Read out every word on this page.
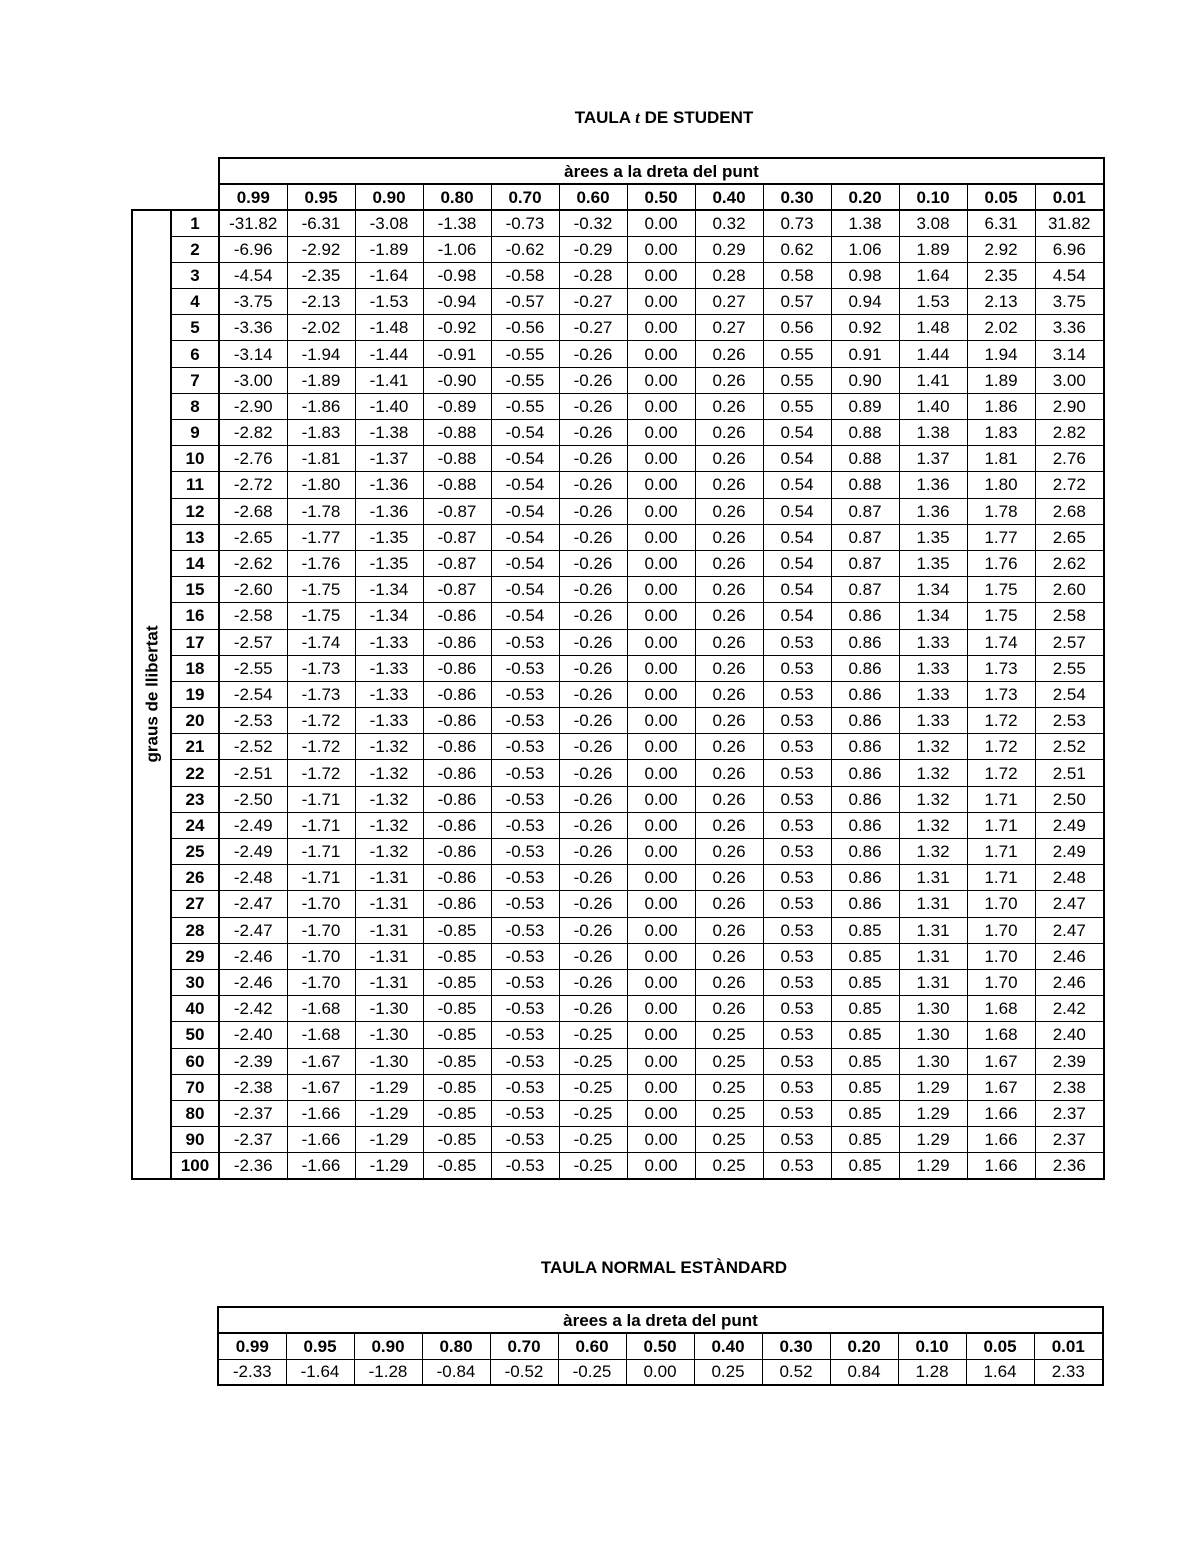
TAULA t DE STUDENT
		àrees a la dreta del punt												
		0.99	0.95	0.90	0.80	0.70	0.60	0.50	0.40	0.30	0.20	0.10	0.05	0.01

graus de llibertat	1	-31.82	-6.31	-3.08	-1.38	-0.73	-0.32	0.00	0.32	0.73	1.38	3.08	6.31	31.82
	2	-6.96	-2.92	-1.89	-1.06	-0.62	-0.29	0.00	0.29	0.62	1.06	1.89	2.92	6.96
	3	-4.54	-2.35	-1.64	-0.98	-0.58	-0.28	0.00	0.28	0.58	0.98	1.64	2.35	4.54
	4	-3.75	-2.13	-1.53	-0.94	-0.57	-0.27	0.00	0.27	0.57	0.94	1.53	2.13	3.75
	5	-3.36	-2.02	-1.48	-0.92	-0.56	-0.27	0.00	0.27	0.56	0.92	1.48	2.02	3.36
	6	-3.14	-1.94	-1.44	-0.91	-0.55	-0.26	0.00	0.26	0.55	0.91	1.44	1.94	3.14
	7	-3.00	-1.89	-1.41	-0.90	-0.55	-0.26	0.00	0.26	0.55	0.90	1.41	1.89	3.00
	8	-2.90	-1.86	-1.40	-0.89	-0.55	-0.26	0.00	0.26	0.55	0.89	1.40	1.86	2.90
	9	-2.82	-1.83	-1.38	-0.88	-0.54	-0.26	0.00	0.26	0.54	0.88	1.38	1.83	2.82
	10	-2.76	-1.81	-1.37	-0.88	-0.54	-0.26	0.00	0.26	0.54	0.88	1.37	1.81	2.76
	11	-2.72	-1.80	-1.36	-0.88	-0.54	-0.26	0.00	0.26	0.54	0.88	1.36	1.80	2.72
	12	-2.68	-1.78	-1.36	-0.87	-0.54	-0.26	0.00	0.26	0.54	0.87	1.36	1.78	2.68
	13	-2.65	-1.77	-1.35	-0.87	-0.54	-0.26	0.00	0.26	0.54	0.87	1.35	1.77	2.65
	14	-2.62	-1.76	-1.35	-0.87	-0.54	-0.26	0.00	0.26	0.54	0.87	1.35	1.76	2.62
	15	-2.60	-1.75	-1.34	-0.87	-0.54	-0.26	0.00	0.26	0.54	0.87	1.34	1.75	2.60
	16	-2.58	-1.75	-1.34	-0.86	-0.54	-0.26	0.00	0.26	0.54	0.86	1.34	1.75	2.58
	17	-2.57	-1.74	-1.33	-0.86	-0.53	-0.26	0.00	0.26	0.53	0.86	1.33	1.74	2.57
	18	-2.55	-1.73	-1.33	-0.86	-0.53	-0.26	0.00	0.26	0.53	0.86	1.33	1.73	2.55
	19	-2.54	-1.73	-1.33	-0.86	-0.53	-0.26	0.00	0.26	0.53	0.86	1.33	1.73	2.54
	20	-2.53	-1.72	-1.33	-0.86	-0.53	-0.26	0.00	0.26	0.53	0.86	1.33	1.72	2.53
	21	-2.52	-1.72	-1.32	-0.86	-0.53	-0.26	0.00	0.26	0.53	0.86	1.32	1.72	2.52
	22	-2.51	-1.72	-1.32	-0.86	-0.53	-0.26	0.00	0.26	0.53	0.86	1.32	1.72	2.51
	23	-2.50	-1.71	-1.32	-0.86	-0.53	-0.26	0.00	0.26	0.53	0.86	1.32	1.71	2.50
	24	-2.49	-1.71	-1.32	-0.86	-0.53	-0.26	0.00	0.26	0.53	0.86	1.32	1.71	2.49
	25	-2.49	-1.71	-1.32	-0.86	-0.53	-0.26	0.00	0.26	0.53	0.86	1.32	1.71	2.49
	26	-2.48	-1.71	-1.31	-0.86	-0.53	-0.26	0.00	0.26	0.53	0.86	1.31	1.71	2.48
	27	-2.47	-1.70	-1.31	-0.86	-0.53	-0.26	0.00	0.26	0.53	0.86	1.31	1.70	2.47
	28	-2.47	-1.70	-1.31	-0.85	-0.53	-0.26	0.00	0.26	0.53	0.85	1.31	1.70	2.47
	29	-2.46	-1.70	-1.31	-0.85	-0.53	-0.26	0.00	0.26	0.53	0.85	1.31	1.70	2.46
	30	-2.46	-1.70	-1.31	-0.85	-0.53	-0.26	0.00	0.26	0.53	0.85	1.31	1.70	2.46
	40	-2.42	-1.68	-1.30	-0.85	-0.53	-0.26	0.00	0.26	0.53	0.85	1.30	1.68	2.42
	50	-2.40	-1.68	-1.30	-0.85	-0.53	-0.25	0.00	0.25	0.53	0.85	1.30	1.68	2.40
	60	-2.39	-1.67	-1.30	-0.85	-0.53	-0.25	0.00	0.25	0.53	0.85	1.30	1.67	2.39
	70	-2.38	-1.67	-1.29	-0.85	-0.53	-0.25	0.00	0.25	0.53	0.85	1.29	1.67	2.38
	80	-2.37	-1.66	-1.29	-0.85	-0.53	-0.25	0.00	0.25	0.53	0.85	1.29	1.66	2.37
	90	-2.37	-1.66	-1.29	-0.85	-0.53	-0.25	0.00	0.25	0.53	0.85	1.29	1.66	2.37
	100	-2.36	-1.66	-1.29	-0.85	-0.53	-0.25	0.00	0.25	0.53	0.85	1.29	1.66	2.36
TAULA NORMAL ESTÀNDARD
		àrees a la dreta del punt												
		0.99	0.95	0.90	0.80	0.70	0.60	0.50	0.40	0.30	0.20	0.10	0.05	0.01
		-2.33	-1.64	-1.28	-0.84	-0.52	-0.25	0.00	0.25	0.52	0.84	1.28	1.64	2.33
